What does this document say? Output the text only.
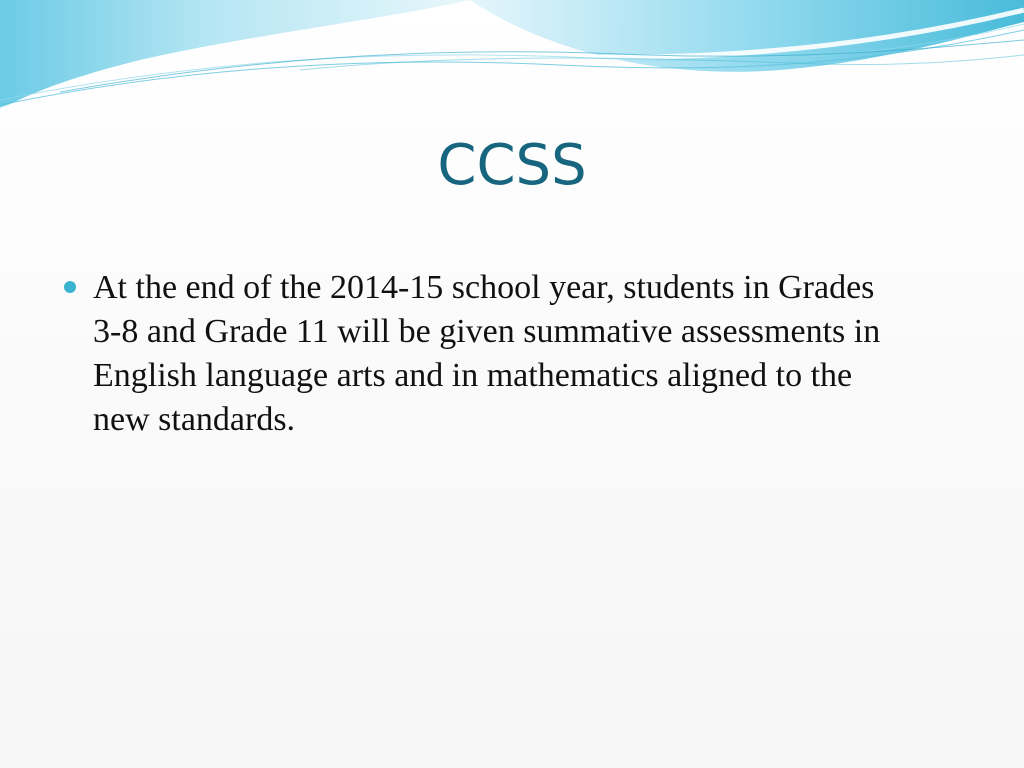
CCSS
At the end of the 2014-15 school year, students in Grades 3-8 and Grade 11 will be given summative assessments in English language arts and in mathematics aligned to the new standards.
